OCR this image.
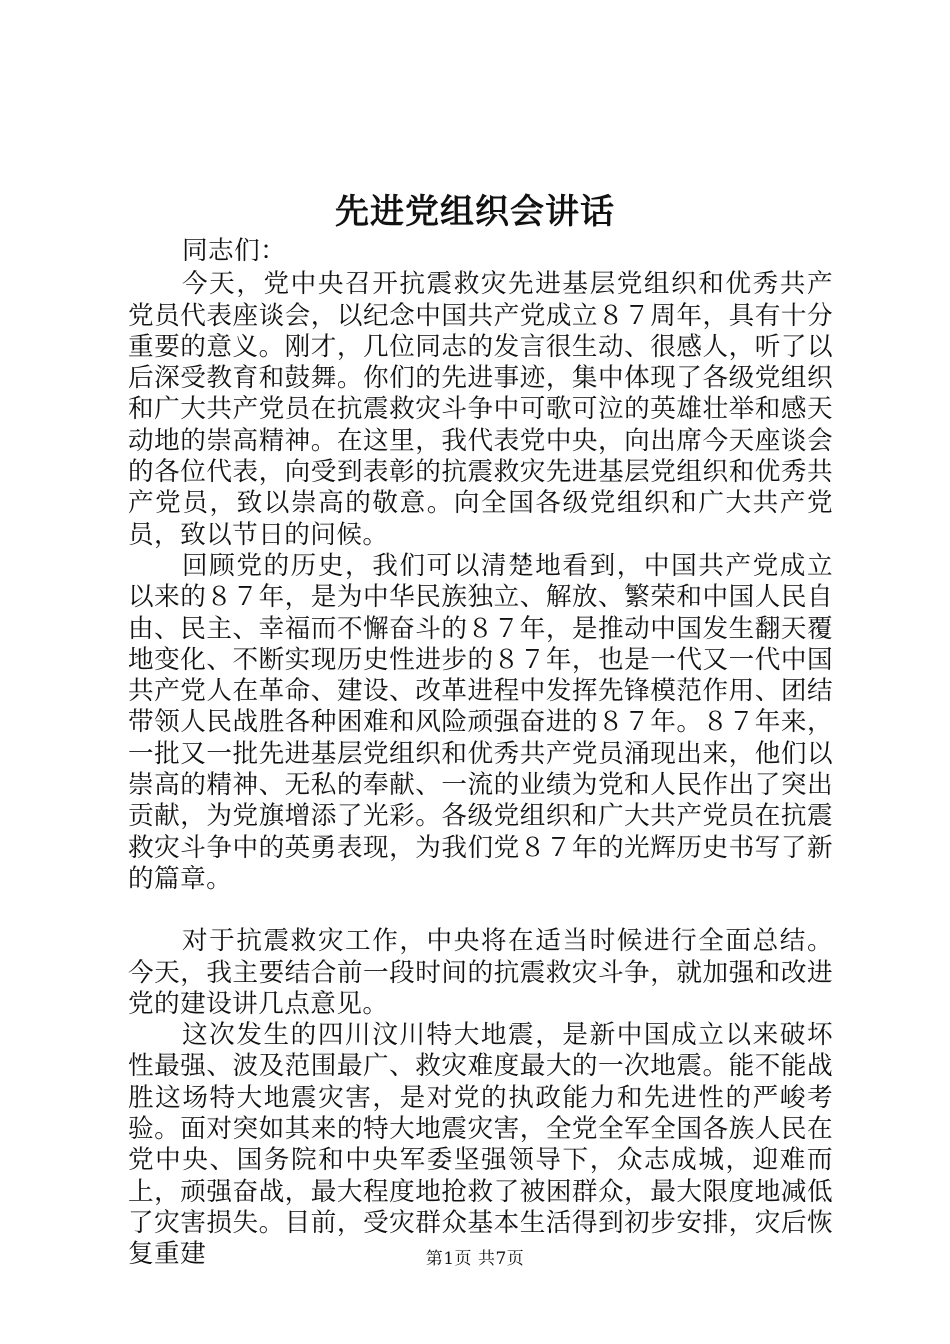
先进党组织会讲话

同志们：

今天，党中央召开抗震救灾先进基层党组织和优秀共产党员代表座谈会，以纪念中国共产党成立８７周年，具有十分重要的意义。刚才，几位同志的发言很生动、很感人，听了以后深受教育和鼓舞。你们的先进事迹，集中体现了各级党组织和广大共产党员在抗震救灾斗争中可歌可泣的英雄壮举和感天动地的崇高精神。在这里，我代表党中央，向出席今天座谈会的各位代表，向受到表彰的抗震救灾先进基层党组织和优秀共产党员，致以崇高的敬意。向全国各级党组织和广大共产党员，致以节日的问候。

回顾党的历史，我们可以清楚地看到，中国共产党成立以来的８７年，是为中华民族独立、解放、繁荣和中国人民自由、民主、幸福而不懈奋斗的８７年，是推动中国发生翻天覆地变化、不断实现历史性进步的８７年，也是一代又一代中国共产党人在革命、建设、改革进程中发挥先锋模范作用、团结带领人民战胜各种困难和风险顽强奋进的８７年。８７年来，一批又一批先进基层党组织和优秀共产党员涌现出来，他们以崇高的精神、无私的奉献、一流的业绩为党和人民作出了突出贡献，为党旗增添了光彩。各级党组织和广大共产党员在抗震救灾斗争中的英勇表现，为我们党８７年的光辉历史书写了新的篇章。

对于抗震救灾工作，中央将在适当时候进行全面总结。今天，我主要结合前一段时间的抗震救灾斗争，就加强和改进党的建设讲几点意见。

这次发生的四川汶川特大地震，是新中国成立以来破坏性最强、波及范围最广、救灾难度最大的一次地震。能不能战胜这场特大地震灾害，是对党的执政能力和先进性的严峻考验。面对突如其来的特大地震灾害，全党全军全国各族人民在党中央、国务院和中央军委坚强领导下，众志成城，迎难而上，顽强奋战，最大程度地抢救了被困群众，最大限度地减低了灾害损失。目前，受灾群众基本生活得到初步安排，灾后恢复重建	第1页 共7页
